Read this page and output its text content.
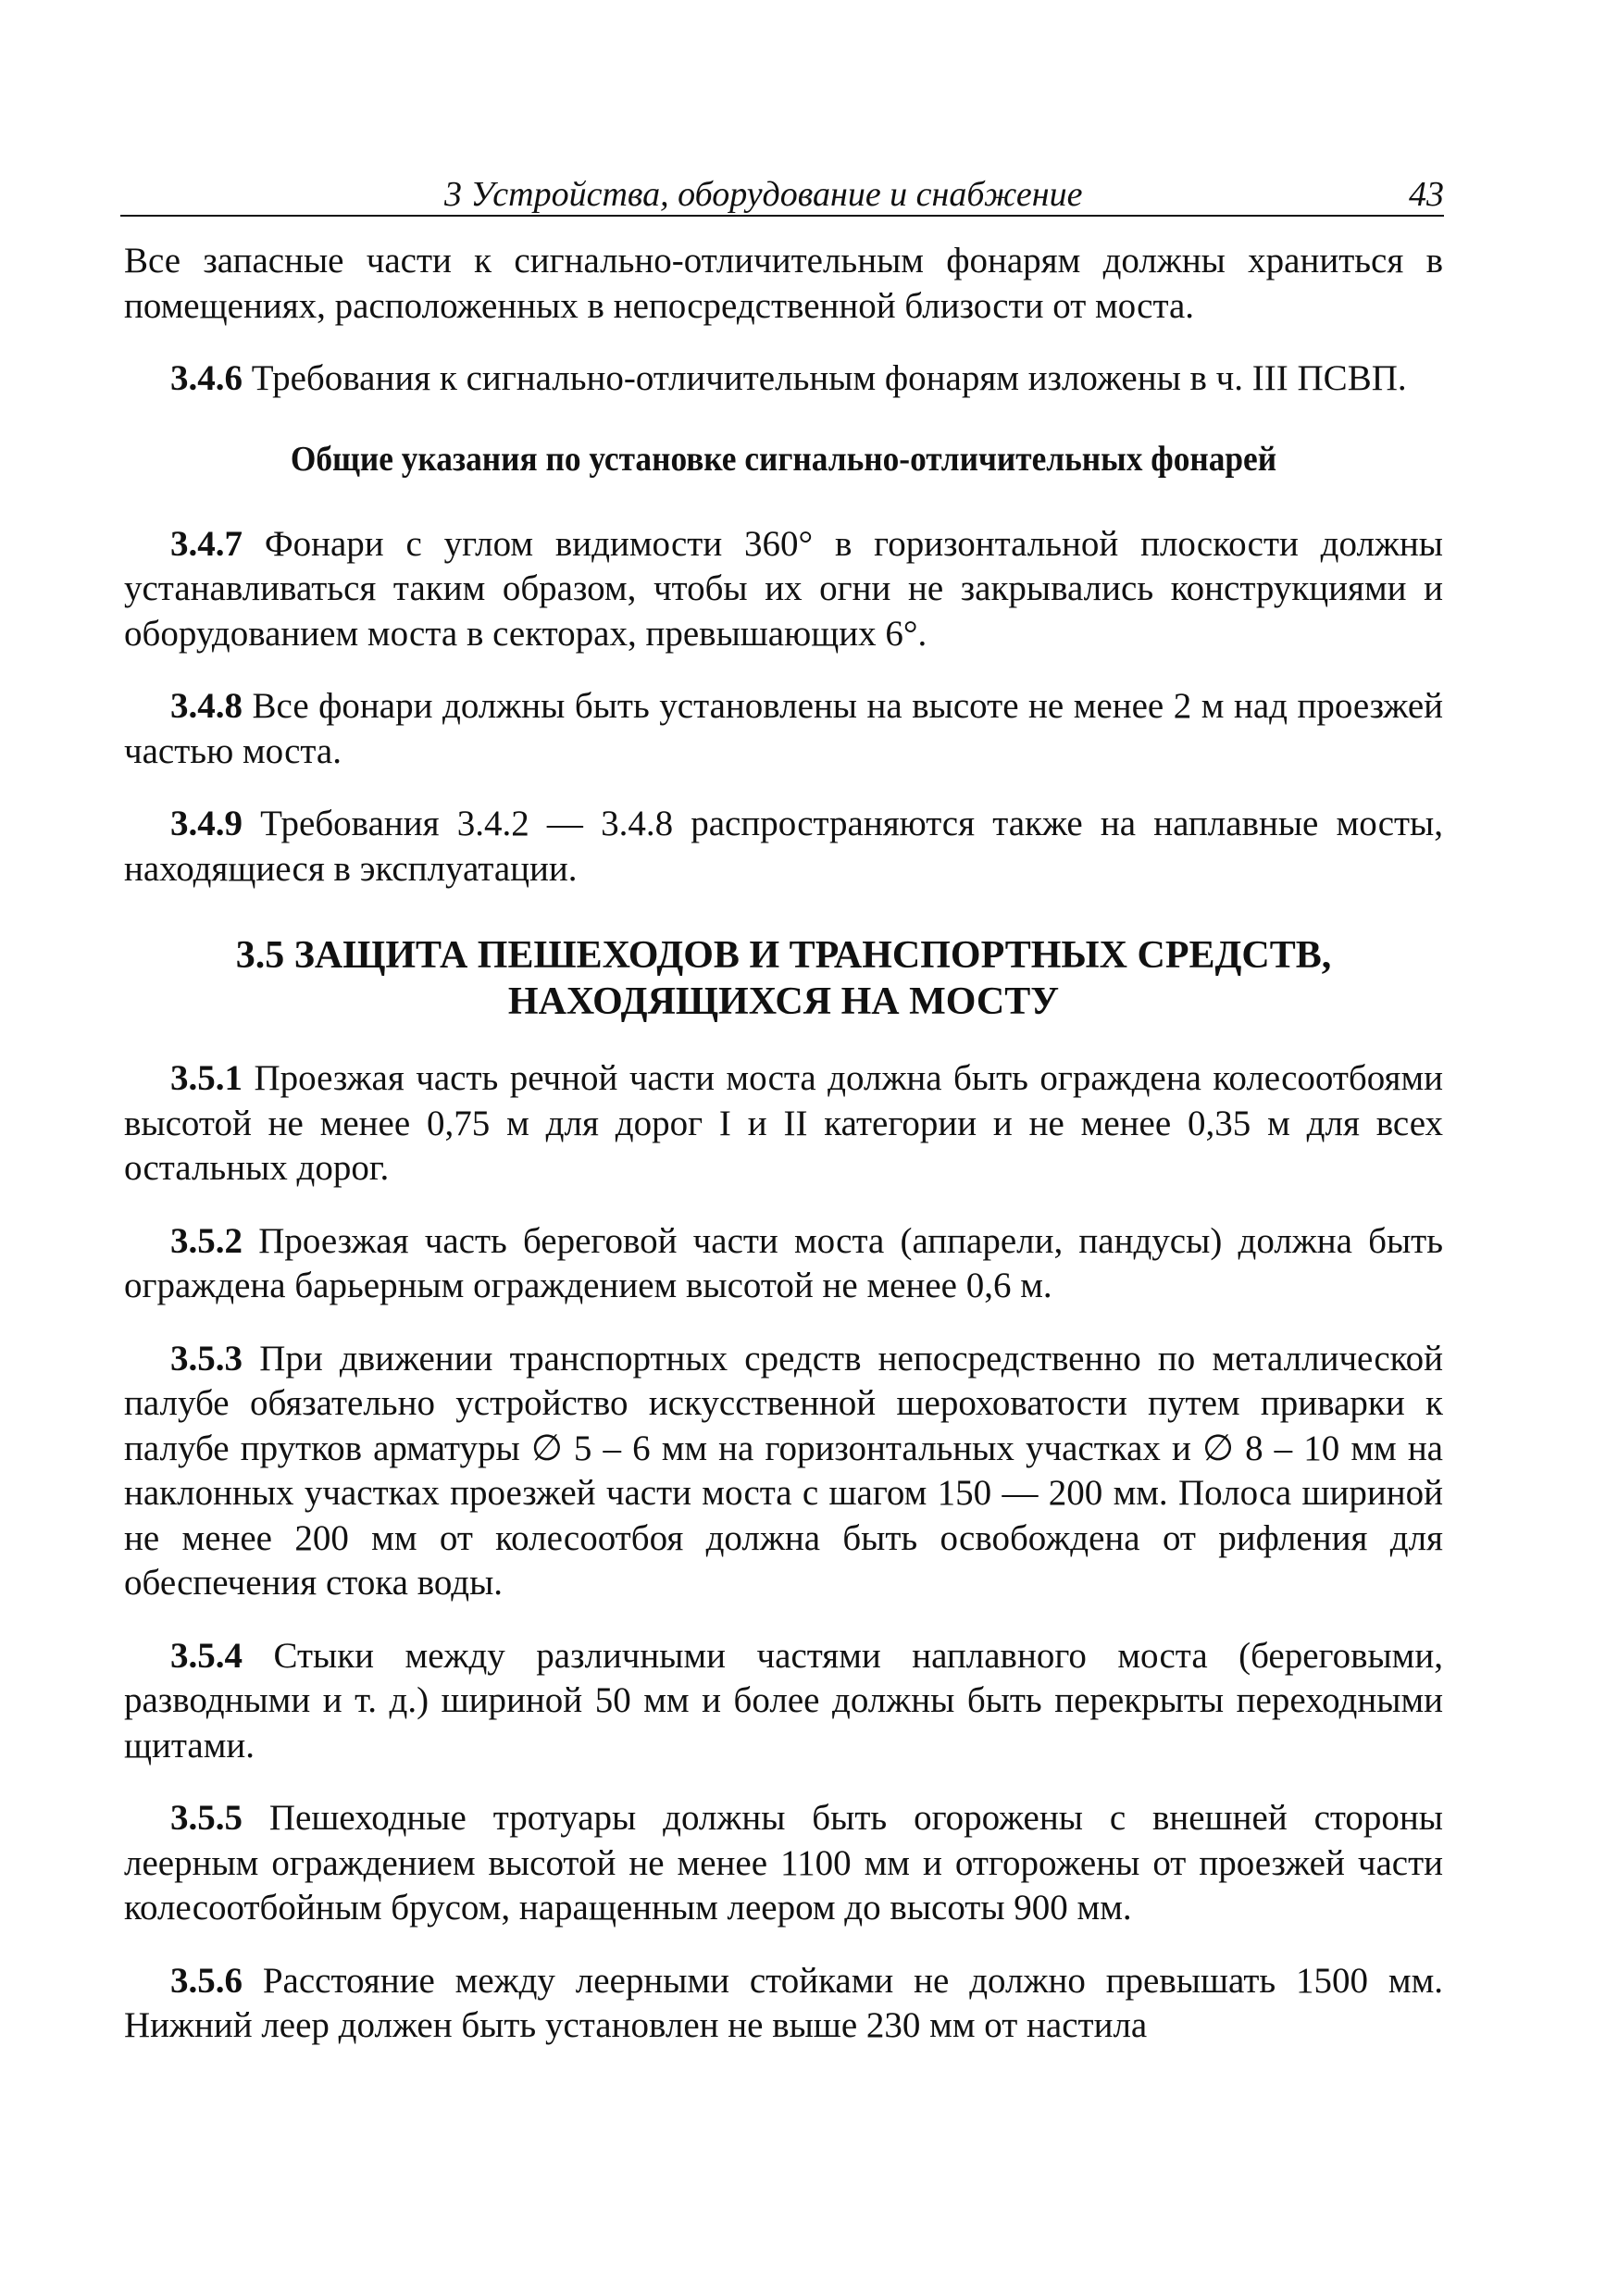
3 Устройства, оборудование и снабжение	43

Все запасные части к сигнально-отличительным фонарям должны храниться в помещениях, расположенных в непосредственной близости от моста.

3.4.6 Требования к сигнально-отличительным фонарям изложены в ч. III ПСВП.

Общие указания по установке сигнально-отличительных фонарей

3.4.7 Фонари с углом видимости 360° в горизонтальной плоскости должны устанавливаться таким образом, чтобы их огни не закрывались конструкциями и оборудованием моста в секторах, превышающих 6°.

3.4.8 Все фонари должны быть установлены на высоте не менее 2 м над проезжей частью моста.

3.4.9 Требования 3.4.2 — 3.4.8 распространяются также на наплавные мосты, находящиеся в эксплуатации.

3.5 ЗАЩИТА ПЕШЕХОДОВ И ТРАНСПОРТНЫХ СРЕДСТВ,
НАХОДЯЩИХСЯ НА МОСТУ

3.5.1 Проезжая часть речной части моста должна быть ограждена колесоотбоями высотой не менее 0,75 м для дорог I и II категории и не менее 0,35 м для всех остальных дорог.

3.5.2 Проезжая часть береговой части моста (аппарели, пандусы) должна быть ограждена барьерным ограждением высотой не менее 0,6 м.

3.5.3 При движении транспортных средств непосредственно по металлической палубе обязательно устройство искусственной шероховатости путем приварки к палубе прутков арматуры ∅ 5 – 6 мм на горизонтальных участках и ∅ 8 – 10 мм на наклонных участках проезжей части моста с шагом 150 — 200 мм. Полоса шириной не менее 200 мм от колесоотбоя должна быть освобождена от рифления для обеспечения стока воды.

3.5.4 Стыки между различными частями наплавного моста (береговыми, разводными и т. д.) шириной 50 мм и более должны быть перекрыты переходными щитами.

3.5.5 Пешеходные тротуары должны быть огорожены с внешней стороны леерным ограждением высотой не менее 1100 мм и отгорожены от проезжей части колесоотбойным брусом, наращенным леером до высоты 900 мм.

3.5.6 Расстояние между леерными стойками не должно превышать 1500 мм. Нижний леер должен быть установлен не выше 230 мм от настила
